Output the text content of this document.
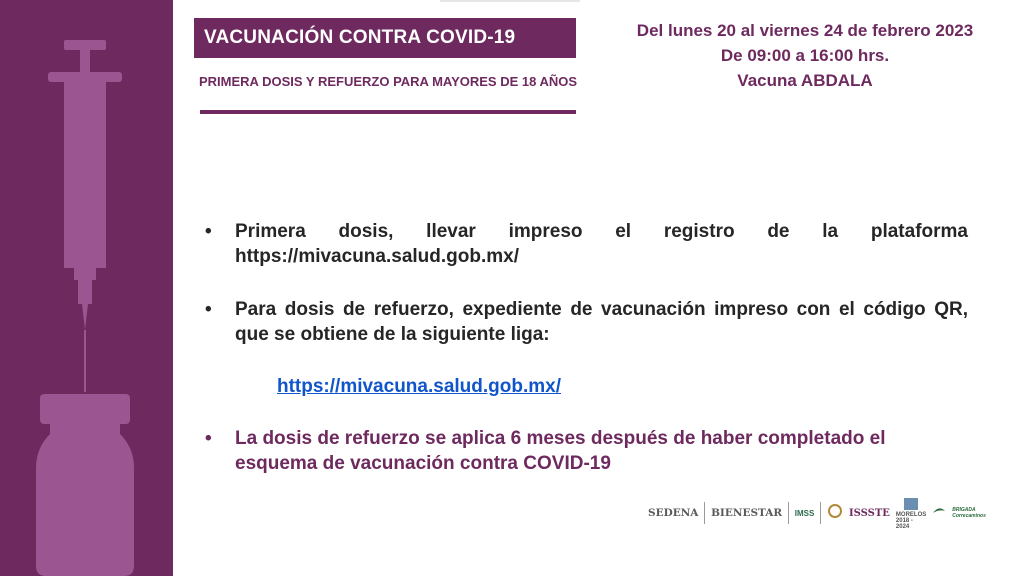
VACUNACIÓN CONTRA COVID-19
PRIMERA DOSIS Y REFUERZO PARA MAYORES DE 18 AÑOS
Del lunes 20 al viernes 24 de febrero 2023
De 09:00 a 16:00 hrs.
Vacuna ABDALA
•	Primera dosis, llevar impreso el registro de la plataforma https://mivacuna.salud.gob.mx/
•	Para dosis de refuerzo, expediente de vacunación impreso con el código QR, que se obtiene de la siguiente liga:
https://mivacuna.salud.gob.mx/
•	La dosis de refuerzo se aplica 6 meses después de haber completado el esquema de vacunación contra COVID-19
SEDENA BIENESTAR IMSS	ISSSTE MORELOS
2018 - 2024
BRIGADA Correcaminos
